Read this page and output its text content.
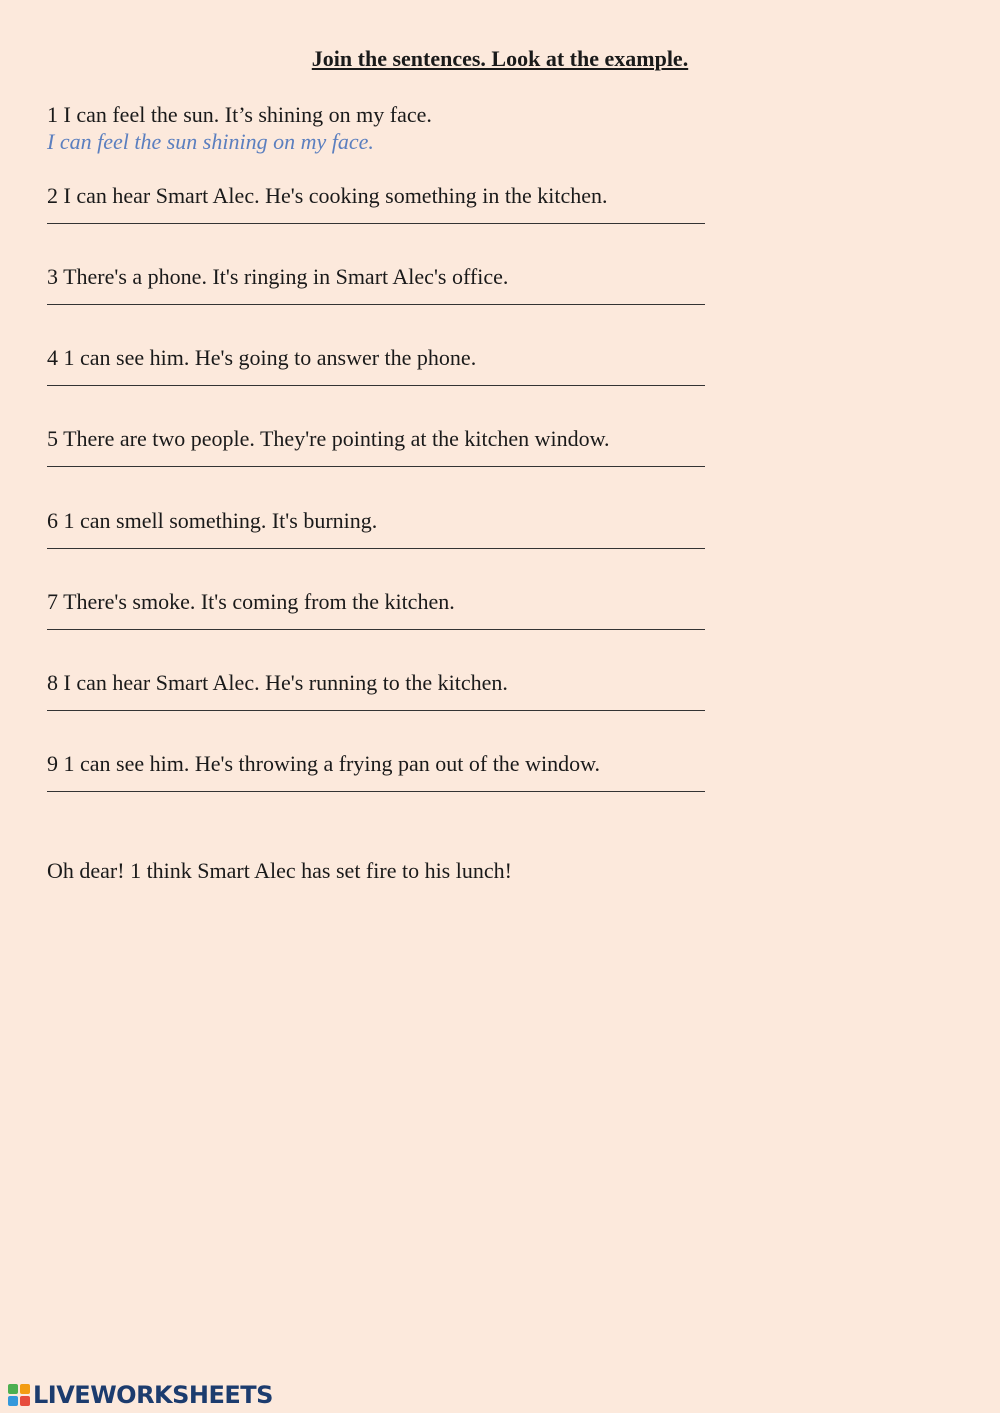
Join the sentences. Look at the example.
1 I can feel the sun. It’s shining on my face.
I can feel the sun shining on my face.
2 I can hear Smart Alec. He's cooking something in the kitchen.
3 There's a phone. It's ringing in Smart Alec's office.
4 1 can see him. He's going to answer the phone.
5 There are two people. They're pointing at the kitchen window.
6 1 can smell something. It's burning.
7 There's smoke. It's coming from the kitchen.
8 I can hear Smart Alec. He's running to the kitchen.
9 1 can see him. He's throwing a frying pan out of the window.
Oh dear! 1 think Smart Alec has set fire to his lunch!
LIVEWORKSHEETS
